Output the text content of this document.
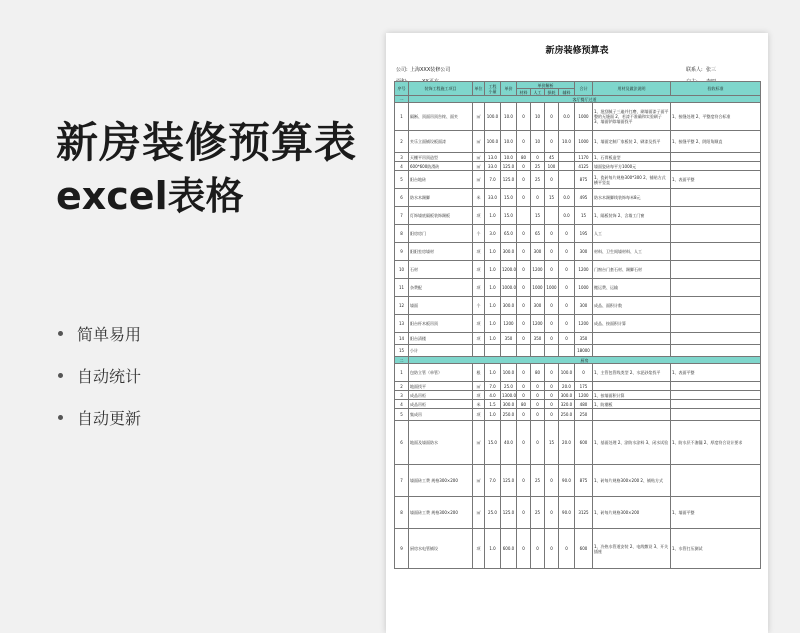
新房装修预算表
excel表格
简单易用
自动统计
自动更新
新房装修预算表
公司: 上海XXX装修公司	联系人: 张三
序号	装饰工程施工项目	单位	工程 小量	单价	单价解析				合计	用材及做法说明	验收标准
					材料	人工	损耗	辅料			
一	客厅餐厅过道										
1	隔断、顶面吊顶告终、面夹	㎡	100.0	10.0	0	10	0	0.0	1000	1、批刮腻子三遍并打磨，刷墙面漆子面平整的无缝面 2、若漆不准确和实验刷子 3、墙面铲除墙面找平	1、接缝处理 2、平整度符合标准
2	夹乐立面铺设板面漆	㎡	100.0	10.0	0	10	0	10.0	1000	1、墙面定制厂家板装 2、刷漆及找平	1、接缝平整 2、阴阳角顺直
3	天棚平吊顶造型	㎡	13.0	10.0	80	0	45		1170	1、石膏板造型	
4	600*600防滑砖	㎡	33.0	125.0	0	25	100		4125	墙面瓷砖每平方1000元	
5	阳台地砖	㎡	7.0	125.0	0	25	0		875	1、瓷砖每片规格300*300 2、铺贴方式横平竖直	1、表面平整
6	防水木踢脚	米	33.0	15.0	0	0	15	0.0	495	防水木踢脚线装饰每米8元	
7	灯饰墙底隔板装饰踢板	项	1.0	15.0		15		0.0	15	1、隔板装饰 2、含墙工门窗	
8	阳房房门	个	3.0	65.0	0	65	0	0	195	人工	
9	阳阳室房墙材	项	1.0	300.0	0	300	0	0	300	材料、卫生间墙材料、人工	
10	石材	项	1.0	1200.0	0	1200	0	0	1200	门窗台门套石材、踢脚石材	
11	杂费配	项	1.0	1000.0	0	1000	1000	0	1000	搬运费、运输	
12	墙面	个	1.0	300.0	0	300	0	0	300	成品、面积计数	
13	阳台杆木板吊顶	项	1.0	1200	0	1200	0	0	1200	成品、按面积计算	
14	阳台清楼	项	1.0	350	0	350	0	0	350		
15	小计								18000		
二	厨房										
1	包防立管（单管）	根	1.0	100.0	0	80	0	100.0	0	1、主管包管线类型 2、水泥砂浆找平	1、表面平整
2	地面找平	㎡	7.0	25.0	0	0	0	20.0	175		
3	成品吊柜	项	4.0	1300.0	0	0	0	300.0	1200	1、按墙面积计算	
4	成品吊柜	米	1.5	300.0	80	0	0	320.0	480	1、防潮板	
5	集成吊	项	1.0	250.0	0	0	0	250.0	250		
6	地面及墙面防水	㎡	15.0	40.0	0	0	15	20.0	600	1、基面处理 2、涂防水涂料 3、闭水试验	1、防水层不渗漏 2、厚度符合设计要求
7	墙面砖工费 规格300×200	㎡	7.0	125.0	0	25	0	90.0	875	1、砖每片规格300×200 2、铺贴方式	
8	墙面砖工费 规格300×200	㎡	25.0	125.0	0	25	0	90.0	3125	1、砖每片规格300×200	1、墙面平整
9	厨房水电管铺设	项	1.0	600.0	0	0	0	0	600	1、冷热水管道安装 2、电线敷设 3、开关插座	1、水管打压测试
